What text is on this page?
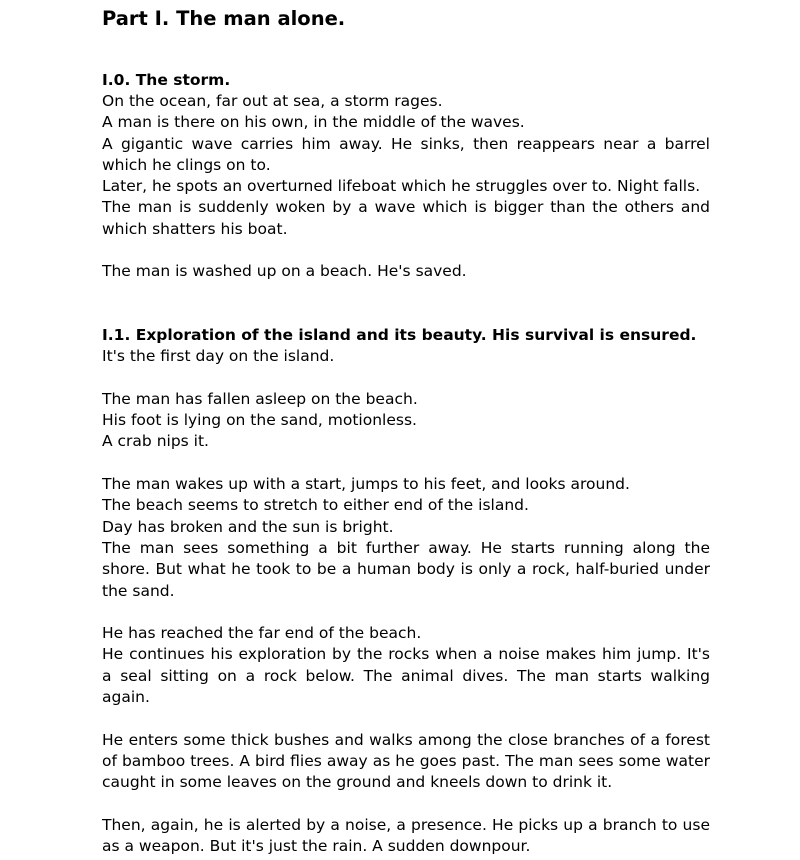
Part I. The man alone.
I.0. The storm.

On the ocean, far out at sea, a storm rages.

A man is there on his own, in the middle of the waves.

A gigantic wave carries him away. He sinks, then reappears near a barrel which he clings on to.

Later, he spots an overturned lifeboat which he struggles over to. Night falls.

The man is suddenly woken by a wave which is bigger than the others and which shatters his boat.

The man is washed up on a beach. He's saved.

I.1. Exploration of the island and its beauty. His survival is ensured.

It's the first day on the island.

The man has fallen asleep on the beach.

His foot is lying on the sand, motionless.

A crab nips it.

The man wakes up with a start, jumps to his feet, and looks around.

The beach seems to stretch to either end of the island.

Day has broken and the sun is bright.

The man sees something a bit further away. He starts running along the shore. But what he took to be a human body is only a rock, half-buried under the sand.

He has reached the far end of the beach.

He continues his exploration by the rocks when a noise makes him jump. It's a seal sitting on a rock below. The animal dives. The man starts walking again.

He enters some thick bushes and walks among the close branches of a forest of bamboo trees. A bird flies away as he goes past. The man sees some water caught in some leaves on the ground and kneels down to drink it.

Then, again, he is alerted by a noise, a presence. He picks up a branch to use as a weapon. But it's just the rain. A sudden downpour.
